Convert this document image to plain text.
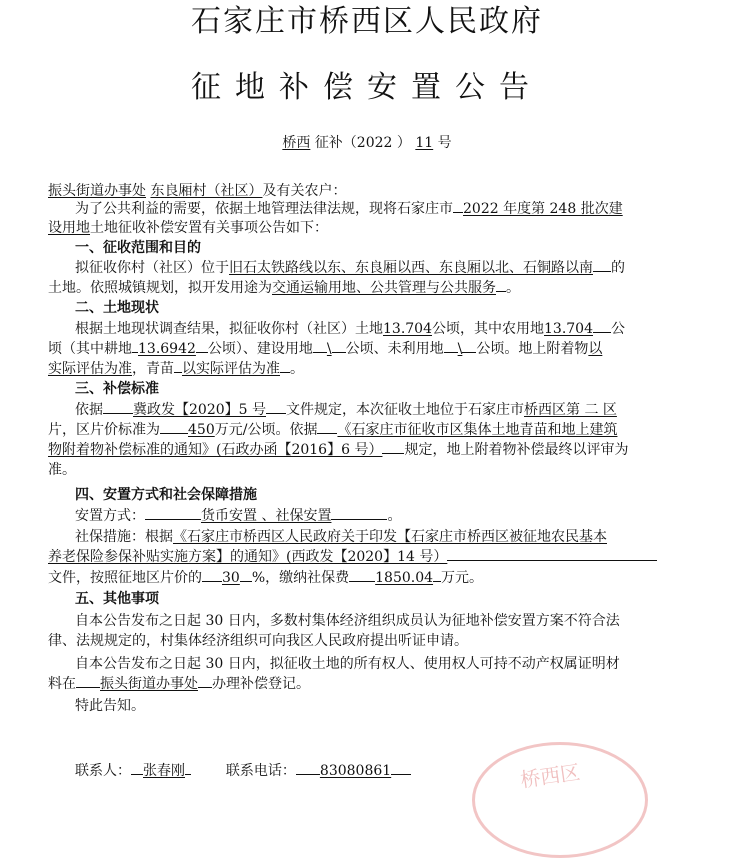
石家庄市桥西区人民政府
征地补偿安置公告
桥西 征补（2022 ） 11 号
振头街道办事处 东良厢村（社区）及有关农户：
为了公共利益的需要，依据土地管理法律法规，现将石家庄市 2022 年度第 248 批次建
设用地土地征收补偿安置有关事项公告如下：
一、征收范围和目的
拟征收你村（社区）位于旧石太铁路线以东、东良厢以西、东良厢以北、石铜路以南 的
土地。依照城镇规划，拟开发用途为交通运输用地、公共管理与公共服务 。
二、土地现状
根据土地现状调查结果，拟征收你村（社区）土地13.704公顷，其中农用地13.704 公
顷（其中耕地 13.6942 公顷）、建设用地 \ 公顷、未利用地 \ 公顷。地上附着物以
实际评估为准，青苗 以实际评估为准 。
三、补偿标准
依据 冀政发【2020】5 号 文件规定，本次征收土地位于石家庄市桥西区第 二 区
片，区片价标准为 450万元/公顷。依据 《石家庄市征收市区集体土地青苗和地上建筑
物附着物补偿标准的通知》(石政办函【2016】6 号） 规定，地上附着物补偿最终以评审为
准。
四、安置方式和社会保障措施
安置方式：	货币安置 、社保安置	。
社保措施：根据《石家庄市桥西区人民政府关于印发【石家庄市桥西区被征地农民基本
养老保险参保补贴实施方案】的通知》(西政发【2020】14 号）
文件，按照征地区片价的 30 %，缴纳社保费 1850.04 万元。
五、其他事项
自本公告发布之日起 30 日内，多数村集体经济组织成员认为征地补偿安置方案不符合法
律、法规规定的，村集体经济组织可向我区人民政府提出听证申请。
自本公告发布之日起 30 日内，拟征收土地的所有权人、使用权人可持不动产权属证明材
料在 振头街道办事处 办理补偿登记。
特此告知。
联系人： 张春刚	联系电话： 83080861	桥西区
